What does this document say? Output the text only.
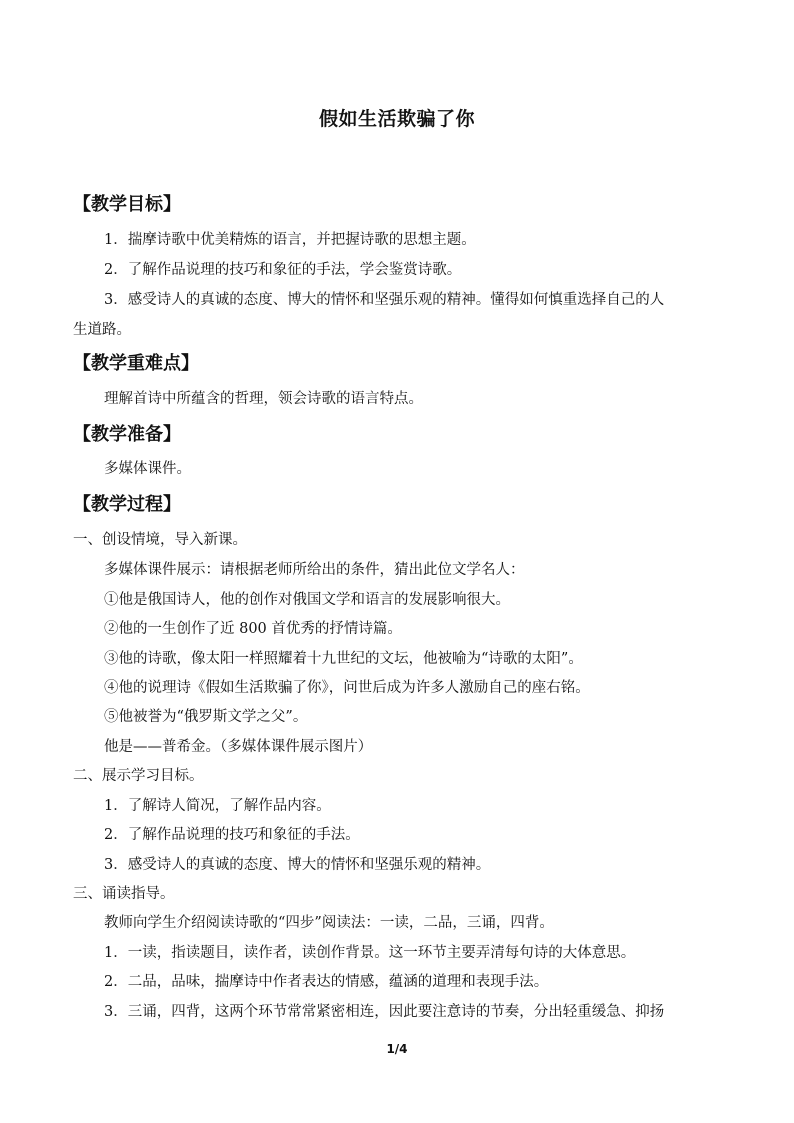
假如生活欺骗了你
【教学目标】
1．揣摩诗歌中优美精炼的语言，并把握诗歌的思想主题。
2．了解作品说理的技巧和象征的手法，学会鉴赏诗歌。
3．感受诗人的真诚的态度、博大的情怀和坚强乐观的精神。懂得如何慎重选择自己的人
生道路。
【教学重难点】
理解首诗中所蕴含的哲理，领会诗歌的语言特点。
【教学准备】
多媒体课件。
【教学过程】
一、创设情境，导入新课。
多媒体课件展示：请根据老师所给出的条件，猜出此位文学名人：
①他是俄国诗人，他的创作对俄国文学和语言的发展影响很大。
②他的一生创作了近 800 首优秀的抒情诗篇。
③他的诗歌，像太阳一样照耀着十九世纪的文坛，他被喻为“诗歌的太阳”。
④他的说理诗《假如生活欺骗了你》，问世后成为许多人激励自己的座右铭。
⑤他被誉为“俄罗斯文学之父”。
他是——普希金。（多媒体课件展示图片）
二、展示学习目标。
1．了解诗人简况，了解作品内容。
2．了解作品说理的技巧和象征的手法。
3．感受诗人的真诚的态度、博大的情怀和坚强乐观的精神。
三、诵读指导。
教师向学生介绍阅读诗歌的“四步”阅读法：一读，二品，三诵，四背。
1．一读，指读题目，读作者，读创作背景。这一环节主要弄清每句诗的大体意思。
2．二品，品味，揣摩诗中作者表达的情感，蕴涵的道理和表现手法。
3．三诵，四背，这两个环节常常紧密相连，因此要注意诗的节奏，分出轻重缓急、抑扬
1/4
